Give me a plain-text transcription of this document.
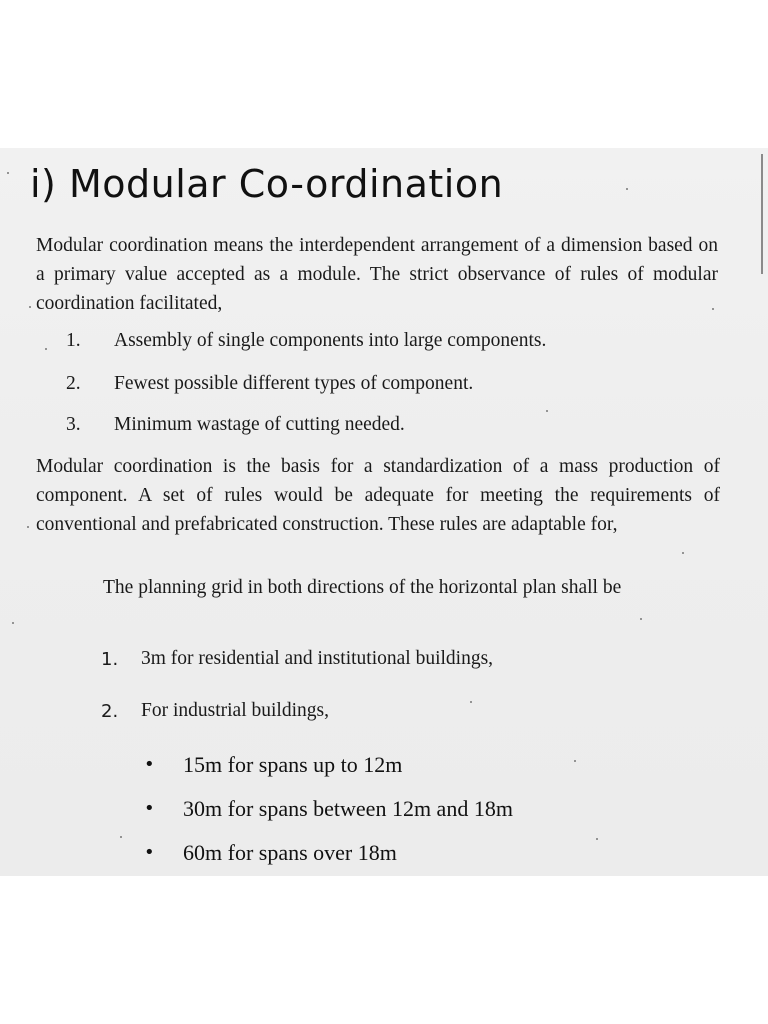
i) Modular Co-ordination

Modular coordination means the interdependent arrangement of a dimension based on a primary value accepted as a module. The strict observance of rules of modular coordination facilitated,

1. Assembly of single components into large components.
2. Fewest possible different types of component.
3. Minimum wastage of cutting needed.

Modular coordination is the basis for a standardization of a mass production of component. A set of rules would be adequate for meeting the requirements of conventional and prefabricated construction. These rules are adaptable for,

The planning grid in both directions of the horizontal plan shall be

1. 3m for residential and institutional buildings,
2. For industrial buildings,
• 15m for spans up to 12m
• 30m for spans between 12m and 18m
• 60m for spans over 18m
